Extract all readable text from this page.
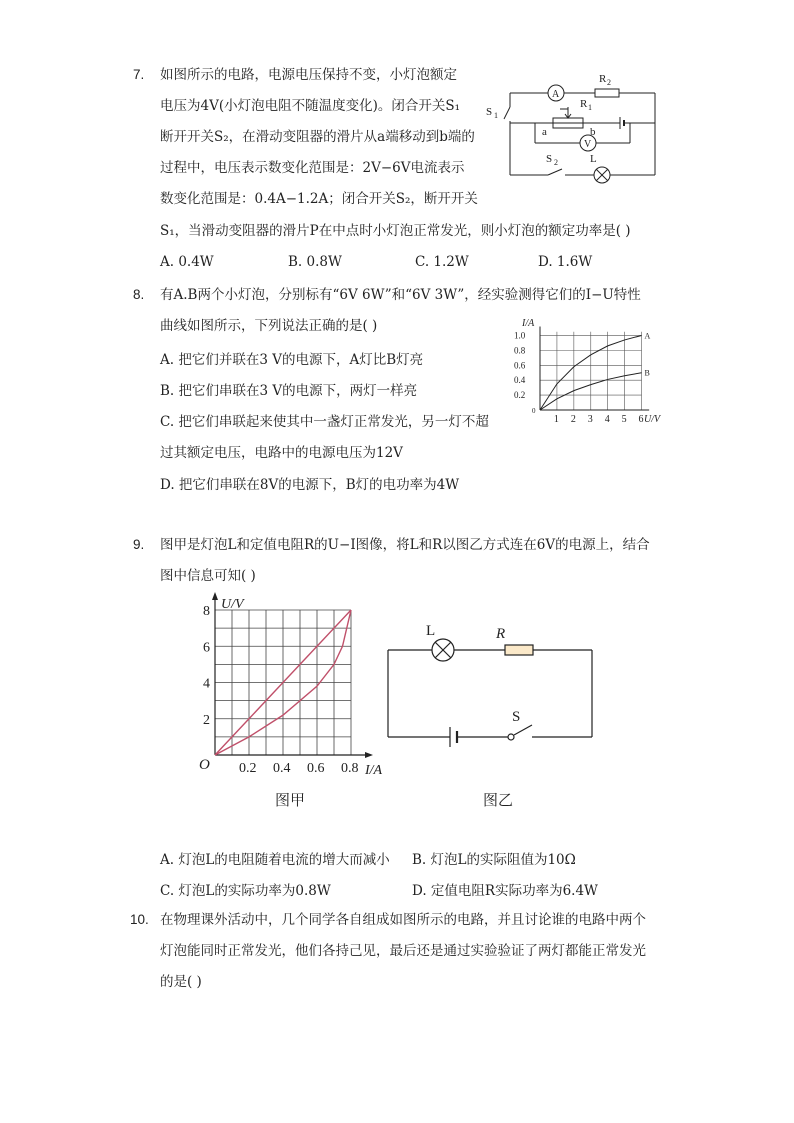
7. 如图所示的电路，电源电压保持不变，小灯泡额定
电压为4V(小灯泡电阻不随温度变化)。闭合开关S₁
断开开关S₂，在滑动变阻器的滑片从a端移动到b端的
过程中，电压表示数变化范围是：2V−6V电流表示
数变化范围是：0.4A−1.2A；闭合开关S₂，断开开关
S₁，当滑动变阻器的滑片P在中点时小灯泡正常发光，则小灯泡的额定功率是( )
A. 0.4W	B. 0.8W	C. 1.2W	D. 1.6W
A
R 2
R 1
S 1
a	b
V
S 2	L
8. 有A.B两个小灯泡，分别标有“6V 6W”和“6V 3W”，经实验测得它们的I−U特性
曲线如图所示，下列说法正确的是( )
A. 把它们并联在3 V的电源下，A灯比B灯亮
B. 把它们串联在3 V的电源下，两灯一样亮
C. 把它们串联起来使其中一盏灯正常发光，另一灯不超
过其额定电压，电路中的电源电压为12V
D. 把它们串联在8V的电源下，B灯的电功率为4W
1 2 3 4 5 6
1.0
0.8
0.6
0.4
0.2
0
U/V
I/A
A
B
9. 图甲是灯泡L和定值电阻R的U−I图像，将L和R以图乙方式连在6V的电源上，结合
图中信息可知( )
0.2 0.4 0.6 0.8
8
6
4
2
O	I/A
U/V
图甲
L	R
S
图乙
A. 灯泡L的电阻随着电流的增大而减小 B. 灯泡L的实际阻值为10Ω
C. 灯泡L的实际功率为0.8W	D. 定值电阻R实际功率为6.4W
10. 在物理课外活动中，几个同学各自组成如图所示的电路，并且讨论谁的电路中两个
灯泡能同时正常发光，他们各持己见，最后还是通过实验验证了两灯都能正常发光
的是( )
